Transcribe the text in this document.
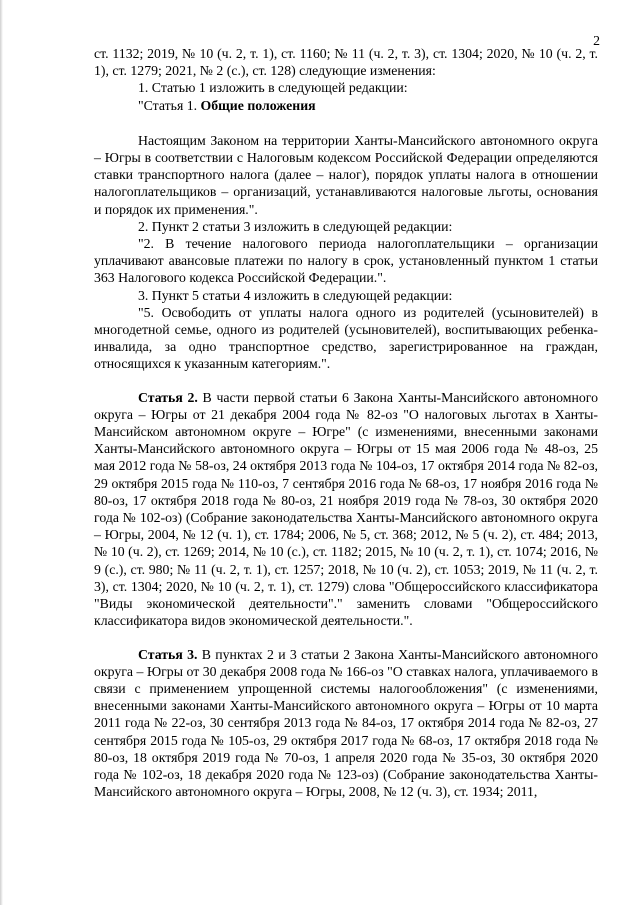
2

ст. 1132; 2019, № 10 (ч. 2, т. 1), ст. 1160; № 11 (ч. 2, т. 3), ст. 1304; 2020, № 10 (ч. 2, т. 1), ст. 1279; 2021, № 2 (с.), ст. 128) следующие изменения:

1. Статью 1 изложить в следующей редакции:

"Статья 1. Общие положения

Настоящим Законом на территории Ханты-Мансийского автономного округа – Югры в соответствии с Налоговым кодексом Российской Федерации определяются ставки транспортного налога (далее – налог), порядок уплаты налога в отношении налогоплательщиков – организаций, устанавливаются налоговые льготы, основания и порядок их применения.".

2. Пункт 2 статьи 3 изложить в следующей редакции:

"2. В течение налогового периода налогоплательщики – организации уплачивают авансовые платежи по налогу в срок, установленный пунктом 1 статьи 363 Налогового кодекса Российской Федерации.".

3. Пункт 5 статьи 4 изложить в следующей редакции:

"5. Освободить от уплаты налога одного из родителей (усыновителей) в многодетной семье, одного из родителей (усыновителей), воспитывающих ребенка-инвалида, за одно транспортное средство, зарегистрированное на граждан, относящихся к указанным категориям.".

Статья 2. В части первой статьи 6 Закона Ханты-Мансийского автономного округа – Югры от 21 декабря 2004 года № 82-оз "О налоговых льготах в Ханты-Мансийском автономном округе – Югре" (с изменениями, внесенными законами Ханты-Мансийского автономного округа – Югры от 15 мая 2006 года № 48-оз, 25 мая 2012 года № 58-оз, 24 октября 2013 года № 104-оз, 17 октября 2014 года № 82-оз, 29 октября 2015 года № 110-оз, 7 сентября 2016 года № 68-оз, 17 ноября 2016 года № 80-оз, 17 октября 2018 года № 80-оз, 21 ноября 2019 года № 78-оз, 30 октября 2020 года № 102-оз) (Собрание законодательства Ханты-Мансийского автономного округа – Югры, 2004, № 12 (ч. 1), ст. 1784; 2006, № 5, ст. 368; 2012, № 5 (ч. 2), ст. 484; 2013, № 10 (ч. 2), ст. 1269; 2014, № 10 (с.), ст. 1182; 2015, № 10 (ч. 2, т. 1), ст. 1074; 2016, № 9 (с.), ст. 980; № 11 (ч. 2, т. 1), ст. 1257; 2018, № 10 (ч. 2), ст. 1053; 2019, № 11 (ч. 2, т. 3), ст. 1304; 2020, № 10 (ч. 2, т. 1), ст. 1279) слова "Общероссийского классификатора "Виды экономической деятельности"." заменить словами "Общероссийского классификатора видов экономической деятельности.".

Статья 3. В пунктах 2 и 3 статьи 2 Закона Ханты-Мансийского автономного округа – Югры от 30 декабря 2008 года № 166-оз "О ставках налога, уплачиваемого в связи с применением упрощенной системы налогообложения" (с изменениями, внесенными законами Ханты-Мансийского автономного округа – Югры от 10 марта 2011 года № 22-оз, 30 сентября 2013 года № 84-оз, 17 октября 2014 года № 82-оз, 27 сентября 2015 года № 105-оз, 29 октября 2017 года № 68-оз, 17 октября 2018 года № 80-оз, 18 октября 2019 года № 70-оз, 1 апреля 2020 года № 35-оз, 30 октября 2020 года № 102-оз, 18 декабря 2020 года № 123-оз) (Собрание законодательства Ханты-Мансийского автономного округа – Югры, 2008, № 12 (ч. 3), ст. 1934; 2011,
